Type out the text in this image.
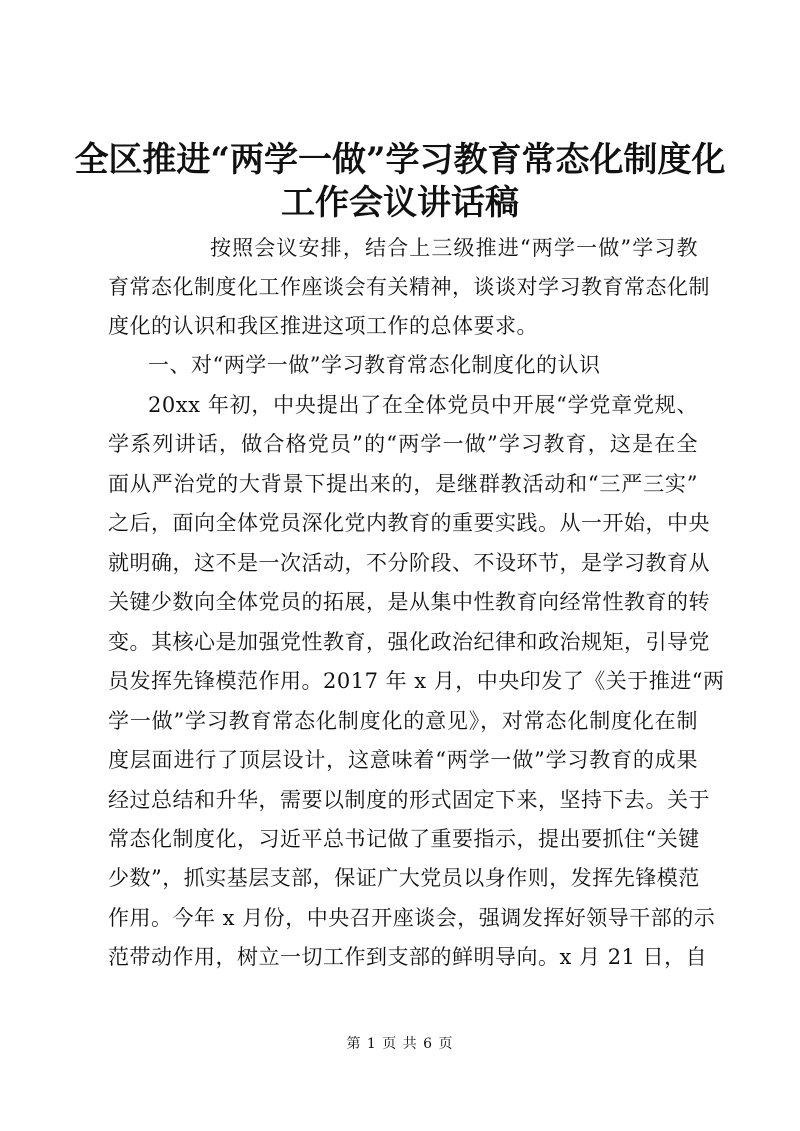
全区推进“两学一做”学习教育常态化制度化
工作会议讲话稿
按照会议安排，结合上三级推进“两学一做”学习教
育常态化制度化工作座谈会有关精神，谈谈对学习教育常态化制
度化的认识和我区推进这项工作的总体要求。
一、对“两学一做”学习教育常态化制度化的认识
20xx 年初，中央提出了在全体党员中开展“学党章党规、
学系列讲话，做合格党员”的“两学一做”学习教育，这是在全
面从严治党的大背景下提出来的，是继群教活动和“三严三实”
之后，面向全体党员深化党内教育的重要实践。从一开始，中央
就明确，这不是一次活动，不分阶段、不设环节，是学习教育从
关键少数向全体党员的拓展，是从集中性教育向经常性教育的转
变。其核心是加强党性教育，强化政治纪律和政治规矩，引导党
员发挥先锋模范作用。2017 年 x 月，中央印发了《关于推进“两
学一做”学习教育常态化制度化的意见》，对常态化制度化在制
度层面进行了顶层设计，这意味着“两学一做”学习教育的成果
经过总结和升华，需要以制度的形式固定下来，坚持下去。关于
常态化制度化，习近平总书记做了重要指示，提出要抓住“关键
少数”，抓实基层支部，保证广大党员以身作则，发挥先锋模范
作用。今年 x 月份，中央召开座谈会，强调发挥好领导干部的示
范带动作用，树立一切工作到支部的鲜明导向。x 月 21 日，自
第 1 页 共 6 页
